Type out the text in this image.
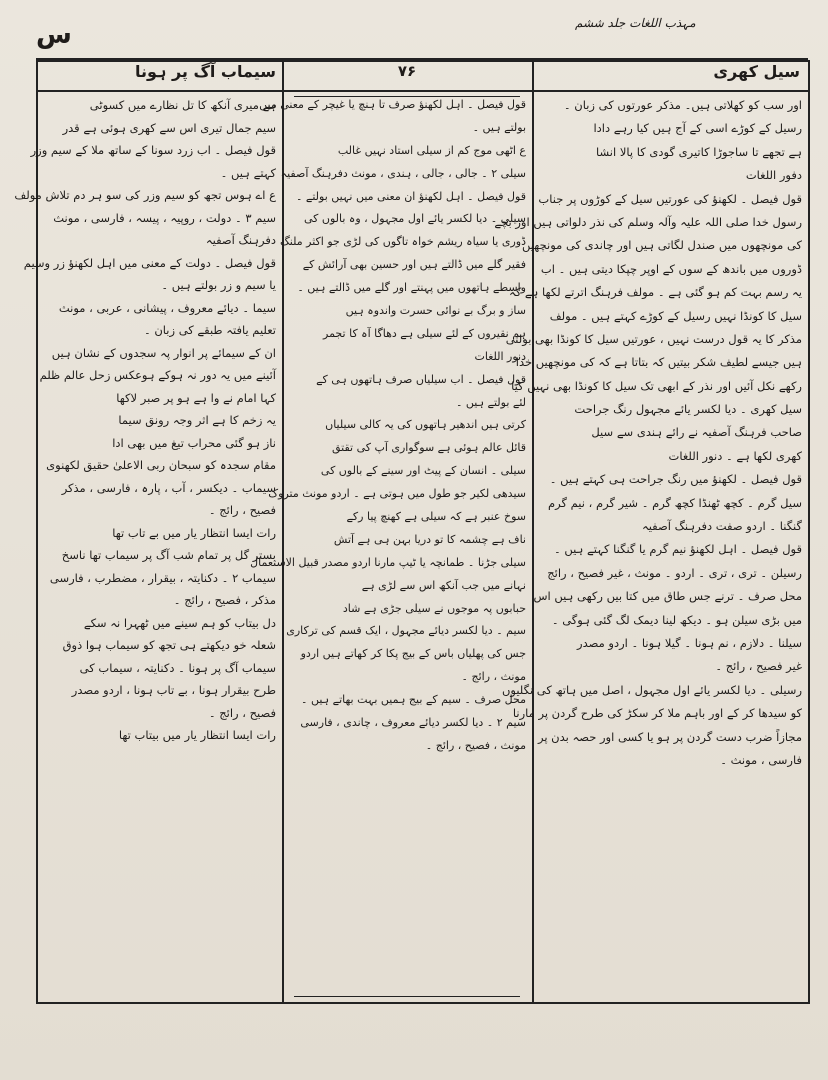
س	مہذب اللغات جلد ششم
سیماب آگ پر ہونا	۷۶	سیل کھری
اور سب کو کھلاتی ہیں۔ مذکر عورتوں کی زبان ۔
رسیل کے کوڑے اسی کے آج ہیں کیا رہے دادا
ہے تجھے تا ساجوڑا کاتیری گودی کا پالا انشا
دفور اللغات
قول فیصل ۔ لکھنؤ کی عورتیں سیل کے کوڑوں پر جناب
رسول خدا صلی اللہ علیہ وآلہ وسلم کی نذر دلواتی ہیں اور بچے
کی مونچھوں میں صندل لگاتی ہیں اور چاندی کی مونچھیں
ڈوروں میں باندھ کے سوں کے اوپر چپکا دیتی ہیں ۔ اب
یہ رسم بہت کم ہو گئی ہے ۔ مولف فرہنگ اترتے لکھا ہے کہ
سیل کا کونڈا نہیں رسیل کے کوڑے کہتے ہیں ۔ مولف
مذکر کا یہ قول درست نہیں ، عورتیں سیل کا کونڈا بھی بولتی
ہیں جیسے لطیف شکر بیتیں کہ بتاتا ہے کہ کی مونچھیں خدا
رکھے نکل آئیں اور نذر کے ابھی تک سیل کا کونڈا بھی نہیں کیا
سیل کھری ۔ دیا لکسر یائے مجہول رنگ جراحت
صاحب فرہنگ آصفیہ نے رائے ہندی سے سیل
کھری لکھا ہے ۔ دنور اللغات
قول فیصل ۔ لکھنؤ میں رنگ جراحت ہی کہتے ہیں ۔
سیل گرم ۔ کچھ ٹھنڈا کچھ گرم ۔ شیر گرم ، نیم گرم
گنگنا ۔ اردو صفت دفرہنگ آصفیہ
قول فیصل ۔ اہل لکھنؤ نیم گرم یا گنگنا کہتے ہیں ۔
رسیلن ۔ تری ، تری ۔ اردو ۔ مونث ، غیر فصیح ، رائج
محل صرف ۔ ترنے جس طاق میں کتا بیں رکھی ہیں اس
میں بڑی سیلن ہو ۔ دیکھ لینا دیمک لگ گئی ہوگی ۔
سیلنا ۔ دلازم ، نم ہونا ۔ گیلا ہونا ۔ اردو مصدر
غیر فصیح ، رائج ۔
رسیلی ۔ دیا لکسر یائے اول مجہول ، اصل میں ہاتھ کی نگلیوں
کو سیدھا کر کے اور باہم ملا کر سکڑ کی طرح گردن پر مارنا
مجازاً ضرب دست گردن پر ہو یا کسی اور حصہ بدن پر
فارسی ، مونث ۔
قول فیصل ۔ اہل لکھنؤ صرف تا ہنچ یا غیچر کے معنی میں
بولتے ہیں ۔
ع اٹھی موج کم از سیلی استاد نہیں غالب
سیلی ۲ ۔ جالی ، جالی ، ہندی ، مونث دفرہنگ آصفیہ
قول فیصل ۔ اہل لکھنؤ ان معنی میں نہیں بولتے ۔
سیلی ۔ دیا لکسر یائے اول مجہول ، وہ بالوں کی
ڈوری یا سیاہ ریشم خواہ تاگوں کی لڑی جو اکثر ملنگ
فقیر گلے میں ڈالتے ہیں اور حسین بھی آرائش کے
واسطے ہاتھوں میں پہنتے اور گلے میں ڈالتے ہیں ۔
ساز و برگ بے نوائی حسرت واندوہ ہیں
ہم نقیروں کے لئے سیلی ہے دھاگا آہ کا تجمر
دنور اللغات
قول فیصل ۔ اب سیلیاں صرف ہاتھوں ہی کے
لئے بولتے ہیں ۔
کرتی ہیں اندھیر ہاتھوں کی یہ کالی سیلیاں
قائل عالم ہوئی ہے سوگواری آپ کی تقتق
سیلی ۔ انسان کے پیٹ اور سینے کے بالوں کی
سیدھی لکیر جو طول میں ہوتی ہے ۔ اردو مونث متروک
سوخ عنبر ہے کہ سیلی ہے کھنچ پیا رکے
ناف ہے چشمہ کا تو دریا بہن ہی ہے آتش
سیلی جڑنا ۔ طمانچہ یا ٹیپ مارنا اردو مصدر قبیل الاستعمال
نہانے میں جب آنکھ اس سے لڑی ہے
حبابوں پہ موجوں نے سیلی جڑی ہے شاد
سیم ۔ دیا لکسر دیائے مجہول ، ایک قسم کی ترکاری
جس کی پھلیاں باس کے بیج پکا کر کھاتے ہیں اردو
مونث ، رائج ۔
محل صرف ۔ سیم کے بیج ہمیں بہت بھاتے ہیں ۔
سیم ۲ ۔ دیا لکسر دیائے معروف ، چاندی ، فارسی
مونث ، فصیح ، رائج ۔
ہے میری آنکھ کا تل نظارے میں کسوٹی
سیم جمال تیری اس سے کھری ہوئی ہے قدر
قول فیصل ۔ اب زرد سونا کے ساتھ ملا کے سیم وزر
کہتے ہیں ۔
ع اے ہوس تجھ کو سیم وزر کی سو ہر دم تلاش مولف
سیم ۳ ۔ دولت ، روپیہ ، پیسہ ، فارسی ، مونث
دفرہنگ آصفیہ
قول فیصل ۔ دولت کے معنی میں اہل لکھنؤ زر وسیم
یا سیم و زر بولتے ہیں ۔
سیما ۔ دیائے معروف ، پیشانی ، عربی ، مونث
تعلیم یافتہ طبقے کی زبان ۔
ان کے سیمائے پر انوار پہ سجدوں کے نشان ہیں
آئینے میں یہ دور نہ ہوکے ہوعکس زحل عالم ظلم
کہا امام نے وا ہے ہو پر صبر لاکھا
یہ زخم کا ہے اثر وجہ رونق سیما
ناز ہو گئی محراب تیغ میں بھی ادا
مقام سجدہ کو سبحان ربی الاعلیٰ حقیق لکھنوی
سیماب ۔ دیکسر ، آب ، پارہ ، فارسی ، مذکر
فصیح ، رائج ۔
رات ایسا انتظار یار میں بے تاب تھا
بستر گل پر تمام شب آگ پر سیماب تھا ناسخ
سیماب ۲ ۔ دکنایتہ ، بیقرار ، مضطرب ، فارسی
مذکر ، فصیح ، رائج ۔
دل بیتاب کو ہم سینے میں ٹھہرا نہ سکے
شعلہ خو دیکھتے ہی تجھ کو سیماب ہوا ذوق
سیماب آگ پر ہونا ۔ دکنایتہ ، سیماب کی
طرح بیقرار ہونا ، بے تاب ہونا ، اردو مصدر
فصیح ، رائج ۔
رات ایسا انتظار یار میں بیتاب تھا
